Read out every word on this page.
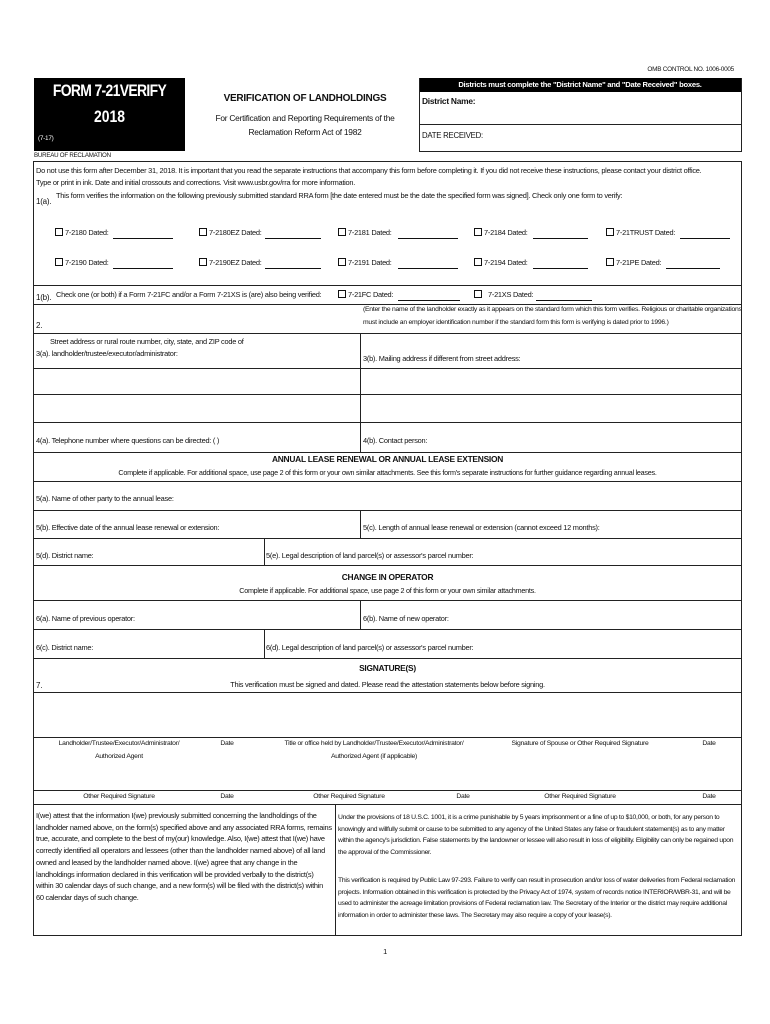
OMB CONTROL NO. 1006-0005
FORM 7-21VERIFY
2018
(7-17)
BUREAU OF RECLAMATION
VERIFICATION OF LANDHOLDINGS
For Certification and Reporting Requirements of the
Reclamation Reform Act of 1982
Districts must complete the "District Name" and "Date Received" boxes.
District Name:
DATE RECEIVED:
Do not use this form after December 31, 2018. It is important that you read the separate instructions that accompany this form before completing it. If you did not receive these instructions, please contact your district office.
Type or print in ink. Date and initial crossouts and corrections. Visit www.usbr.gov/rra for more information.
1(a).
This form verifies the information on the following previously submitted standard RRA form [the date entered must be the date the specified form was signed]. Check only one form to verify:
7-2180 Dated:	7-2180EZ Dated:	7-2181 Dated:	7-2184 Dated:	7-21TRUST Dated:
7-2190 Dated:	7-2190EZ Dated:	7-2191 Dated:	7-2194 Dated:	7-21PE Dated:
1(b). Check one (or both) if a Form 7-21FC and/or a Form 7-21XS is (are) also being verified:	7-21FC Dated:	7-21XS Dated:
2.
(Enter the name of the landholder exactly as it appears on the standard form which this form verifies. Religious or charitable organizations
must include an employer identification number if the standard form this form is verifying is dated prior to 1996.)
Street address or rural route number, city, state, and ZIP code of
3(a). landholder/trustee/executor/administrator:
3(b). Mailing address if different from street address:
4(a). Telephone number where questions can be directed: ( )	4(b). Contact person:
ANNUAL LEASE RENEWAL OR ANNUAL LEASE EXTENSION
Complete if applicable. For additional space, use page 2 of this form or your own similar attachments. See this form's separate instructions for further guidance regarding annual leases.
5(a). Name of other party to the annual lease:
5(b). Effective date of the annual lease renewal or extension:	5(c). Length of annual lease renewal or extension (cannot exceed 12 months):
5(d). District name:	5(e). Legal description of land parcel(s) or assessor's parcel number:
CHANGE IN OPERATOR
Complete if applicable. For additional space, use page 2 of this form or your own similar attachments.
6(a). Name of previous operator:	6(b). Name of new operator:
6(c). District name:	6(d). Legal description of land parcel(s) or assessor's parcel number:
SIGNATURE(S)
7.	This verification must be signed and dated. Please read the attestation statements below before signing.
Landholder/Trustee/Executor/Administrator/
Authorized Agent
Date	Title or office held by Landholder/Trustee/Executor/Administrator/
Authorized Agent (if applicable)
Signature of Spouse or Other Required Signature	Date
Other Required Signature	Date	Other Required Signature	Date	Other Required Signature	Date
I(we) attest that the information I(we) previously submitted concerning the landholdings of the landholder named above, on the form(s) specified above and any associated RRA forms, remains true, accurate, and complete to the best of my(our) knowledge. Also, I(we) attest that I(we) have correctly identified all operators and lessees (other than the landholder named above) of all land owned and leased by the landholder named above. I(we) agree that any change in the landholdings information declared in this verification will be provided verbally to the district(s) within 30 calendar days of such change, and a new form(s) will be filed with the district(s) within 60 calendar days of such change.
Under the provisions of 18 U.S.C. 1001, it is a crime punishable by 5 years imprisonment or a fine of up to $10,000, or both, for any person to knowingly and willfully submit or cause to be submitted to any agency of the United States any false or fraudulent statement(s) as to any matter within the agency's jurisdiction. False statements by the landowner or lessee will also result in loss of eligibility. Eligibility can only be regained upon the approval of the Commissioner.
This verification is required by Public Law 97-293. Failure to verify can result in prosecution and/or loss of water deliveries from Federal reclamation projects. Information obtained in this verification is protected by the Privacy Act of 1974, system of records notice INTERIOR/WBR-31, and will be used to administer the acreage limitation provisions of Federal reclamation law. The Secretary of the Interior or the district may require additional information in order to administer these laws. The Secretary may also require a copy of your lease(s).
1
